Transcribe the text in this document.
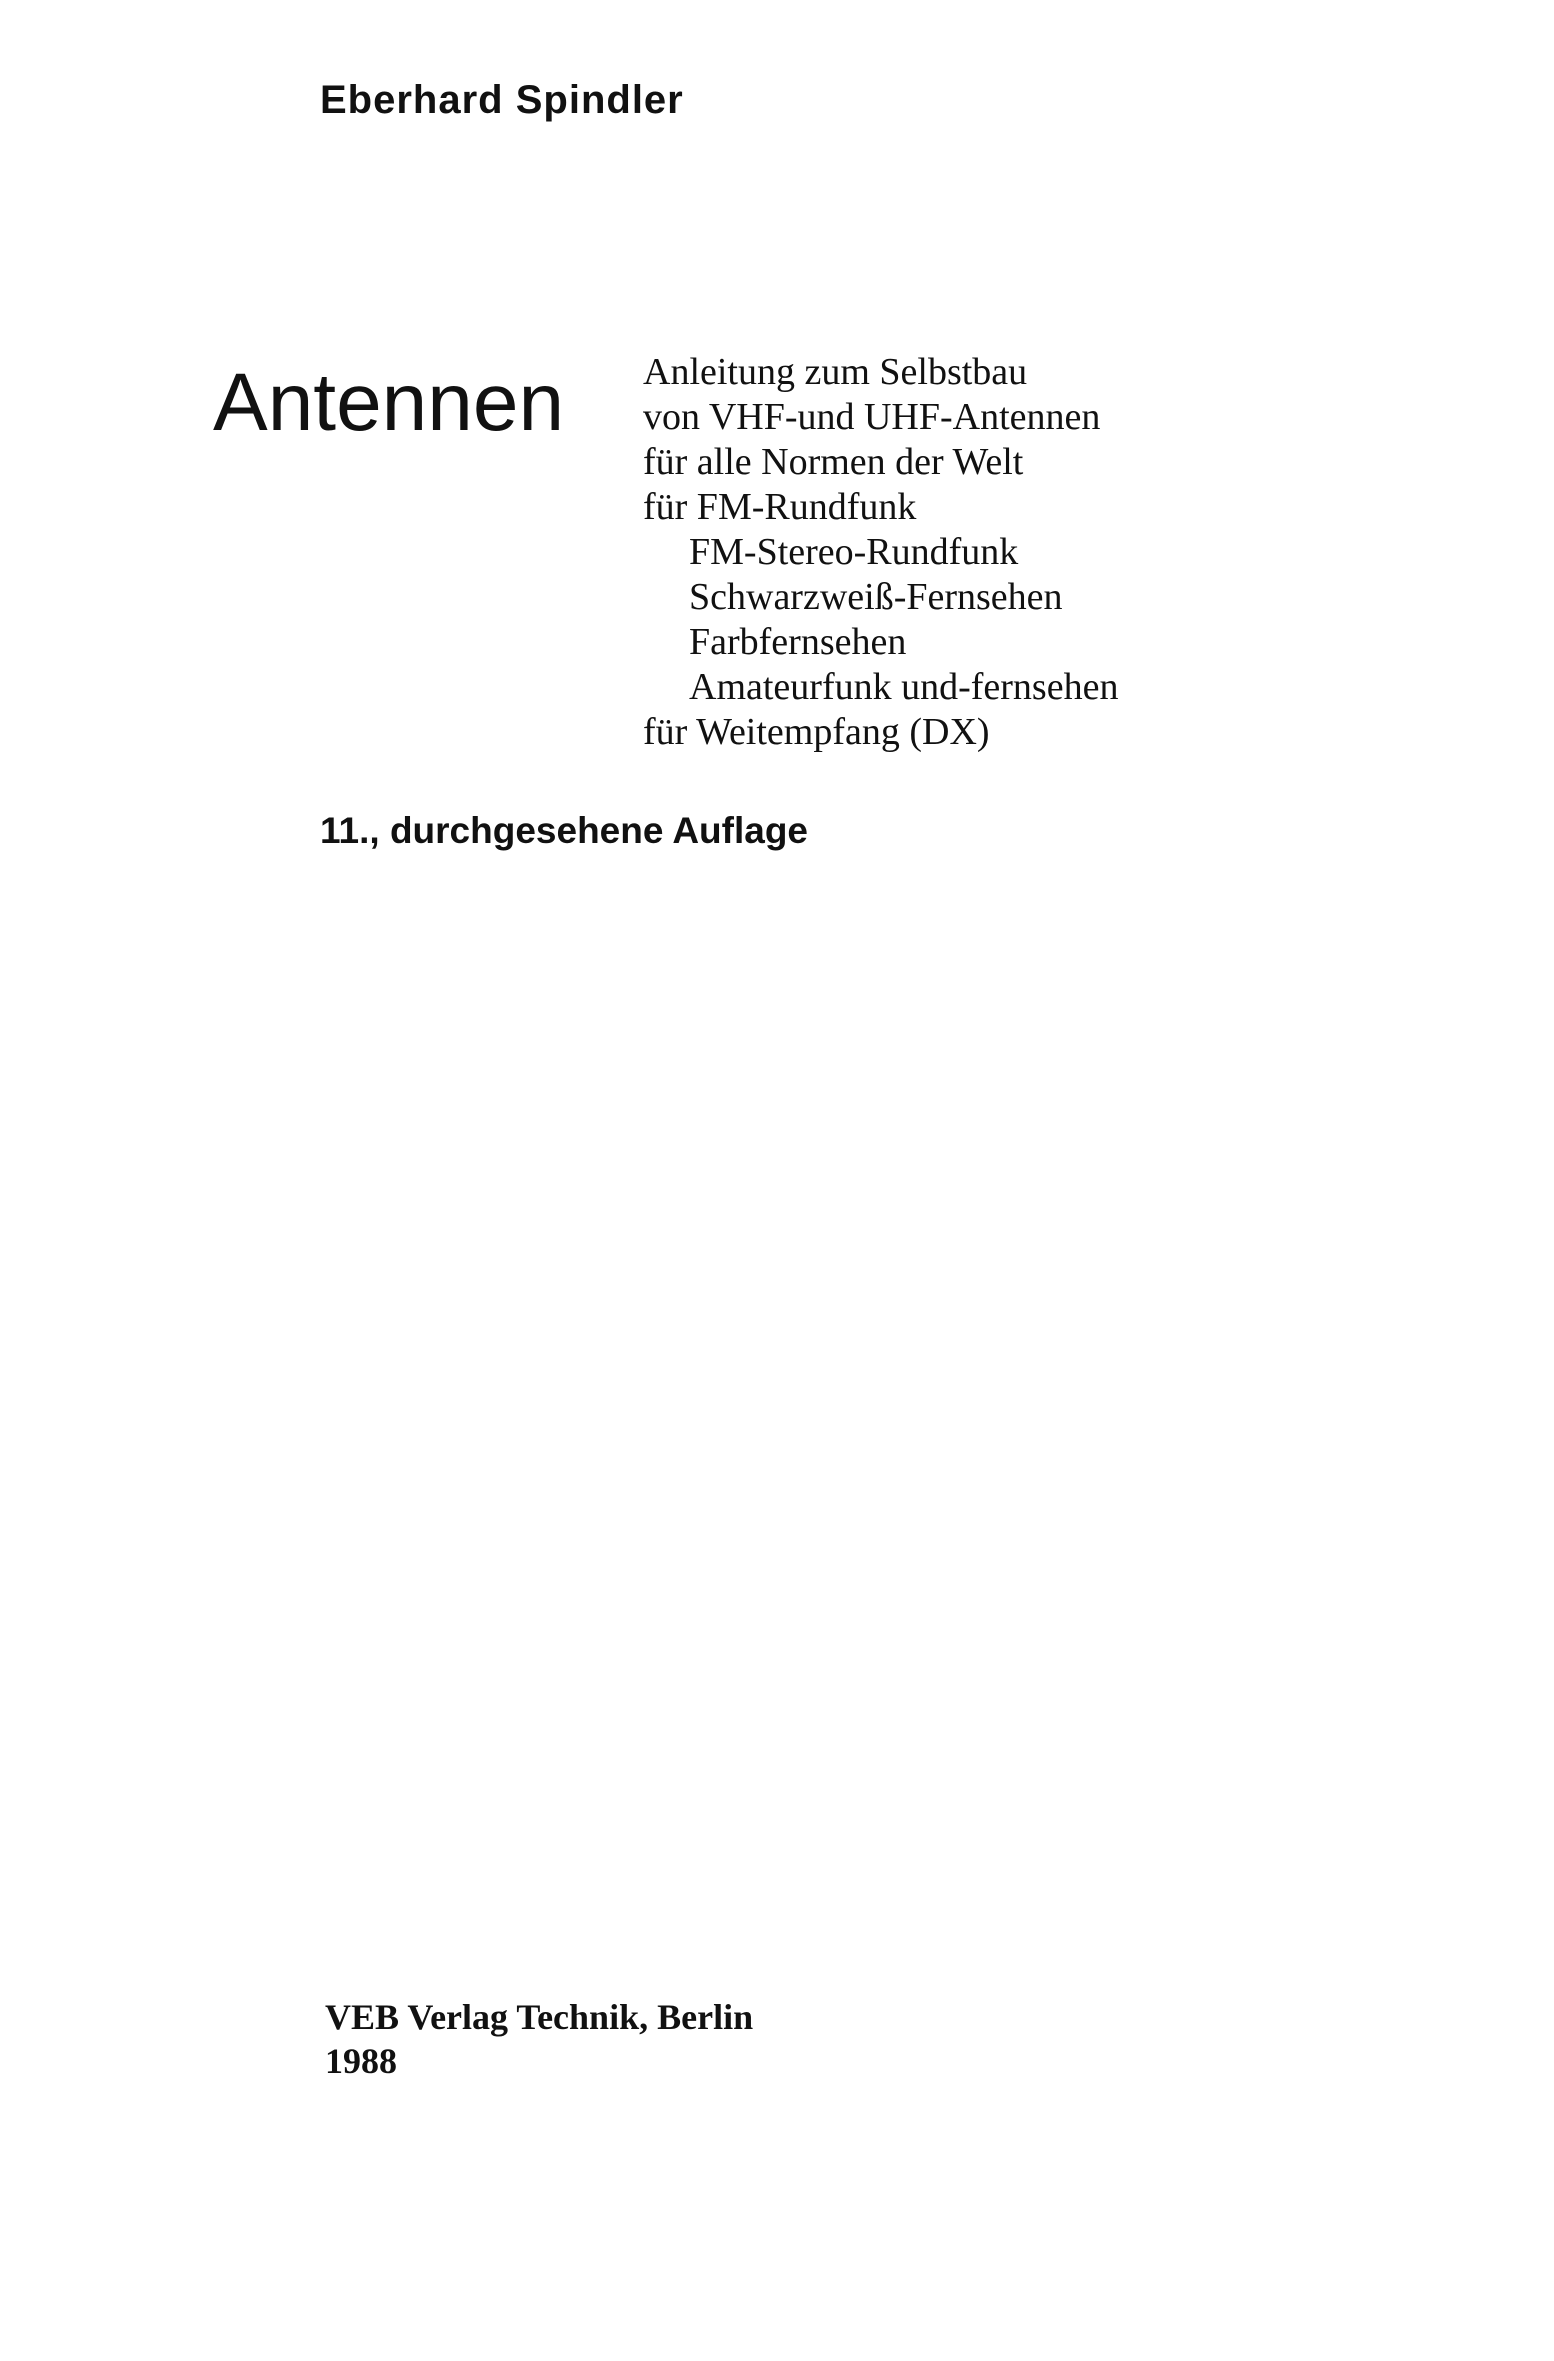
Eberhard Spindler

Antennen Anleitung zum Selbstbau
von VHF-und UHF-Antennen
für alle Normen der Welt
für FM-Rundfunk
FM-Stereo-Rundfunk
Schwarzweiß-Fernsehen
Farbfernsehen
Amateurfunk und-fernsehen
für Weitempfang (DX)

11., durchgesehene Auflage

VEB Verlag Technik, Berlin
1988
